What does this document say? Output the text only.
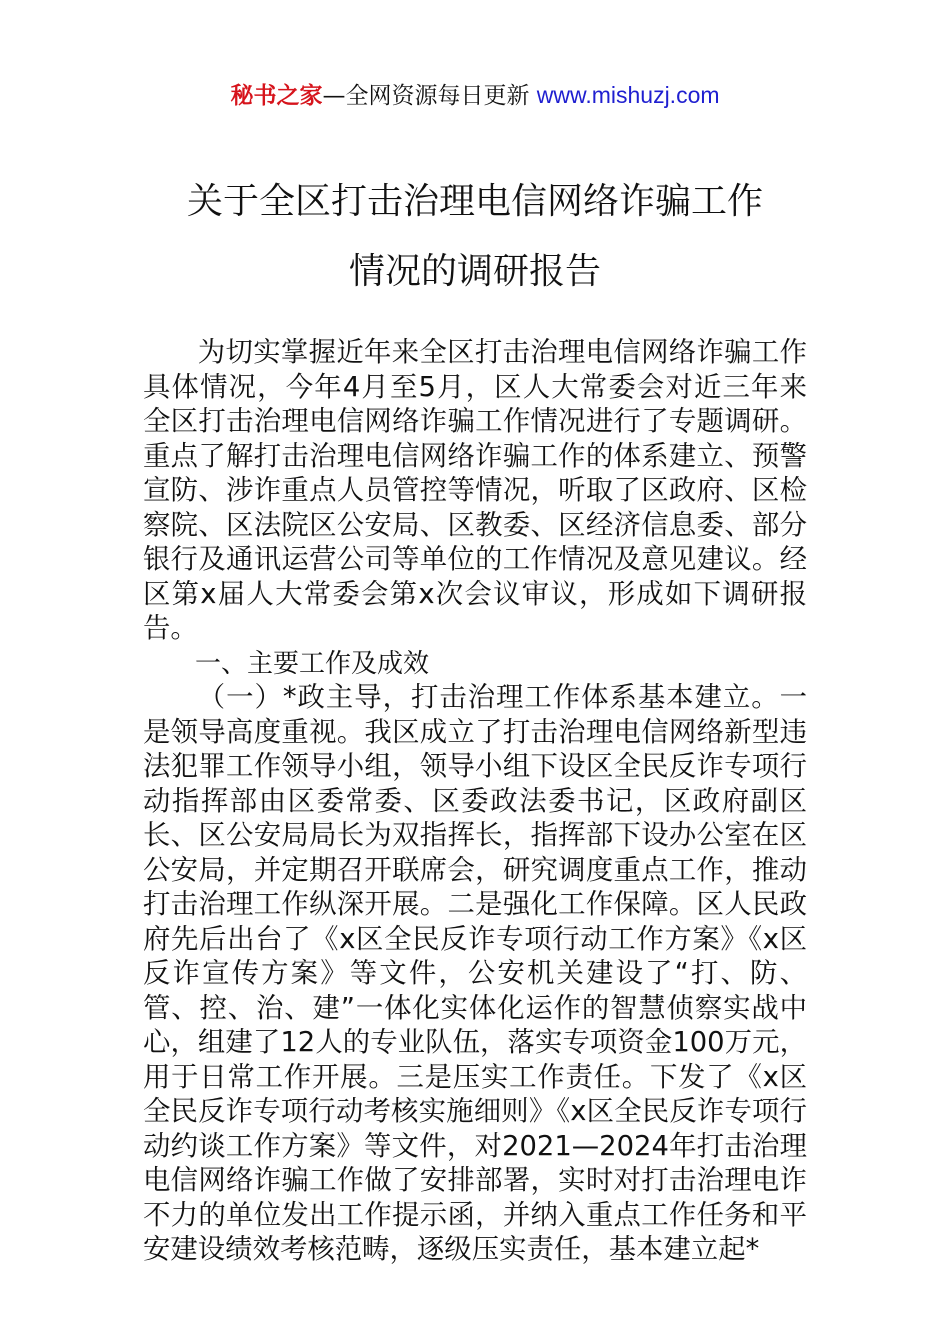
秘书之家—全网资源每日更新 www.mishuzj.com
关于全区打击治理电信网络诈骗工作
情况的调研报告

为切实掌握近年来全区打击治理电信网络诈骗工作具体情况，今年4月至5月，区人大常委会对近三年来全区打击治理电信网络诈骗工作情况进行了专题调研。重点了解打击治理电信网络诈骗工作的体系建立、预警宣防、涉诈重点人员管控等情况，听取了区政府、区检察院、区法院区公安局、区教委、区经济信息委、部分银行及通讯运营公司等单位的工作情况及意见建议。经区第x届人大常委会第x次会议审议，形成如下调研报告。

一、主要工作及成效

（一）*政主导，打击治理工作体系基本建立。一是领导高度重视。我区成立了打击治理电信网络新型违法犯罪工作领导小组，领导小组下设区全民反诈专项行动指挥部由区委常委、区委政法委书记，区政府副区长、区公安局局长为双指挥长，指挥部下设办公室在区公安局，并定期召开联席会，研究调度重点工作，推动打击治理工作纵深开展。二是强化工作保障。区人民政府先后出台了《x区全民反诈专项行动工作方案》《x区反诈宣传方案》等文件，公安机关建设了“打、防、管、控、治、建”一体化实体化运作的智慧侦察实战中心，组建了12人的专业队伍，落实专项资金100万元，用于日常工作开展。三是压实工作责任。下发了《x区全民反诈专项行动考核实施细则》《x区全民反诈专项行动约谈工作方案》等文件，对2021—2024年打击治理电信网络诈骗工作做了安排部署，实时对打击治理电诈不力的单位发出工作提示函，并纳入重点工作任务和平安建设绩效考核范畴，逐级压实责任，基本建立起*
